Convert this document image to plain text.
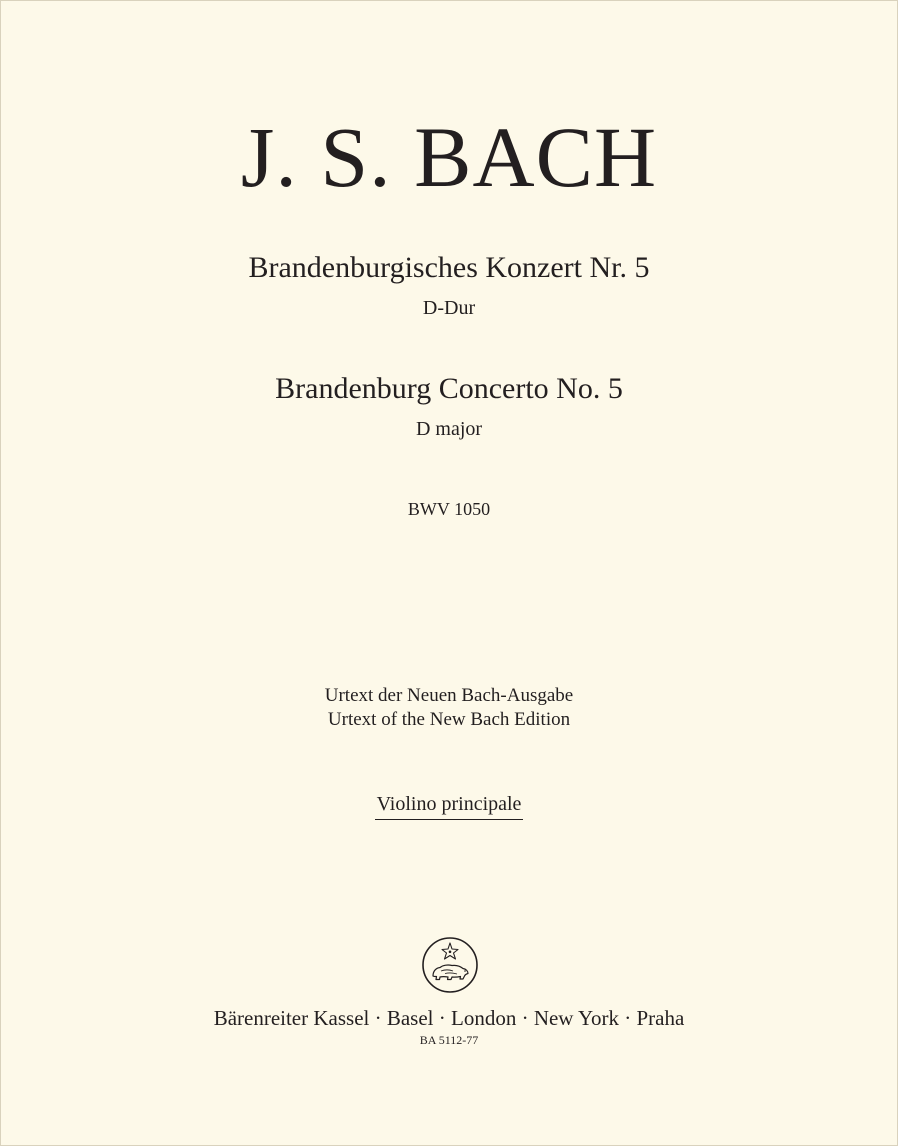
J. S. BACH
Brandenburgisches Konzert Nr. 5
D-Dur
Brandenburg Concerto No. 5
D major
BWV 1050
Urtext der Neuen Bach-Ausgabe
Urtext of the New Bach Edition
Violino principale
Bärenreiter Kassel · Basel · London · New York · Praha
BA 5112-77
